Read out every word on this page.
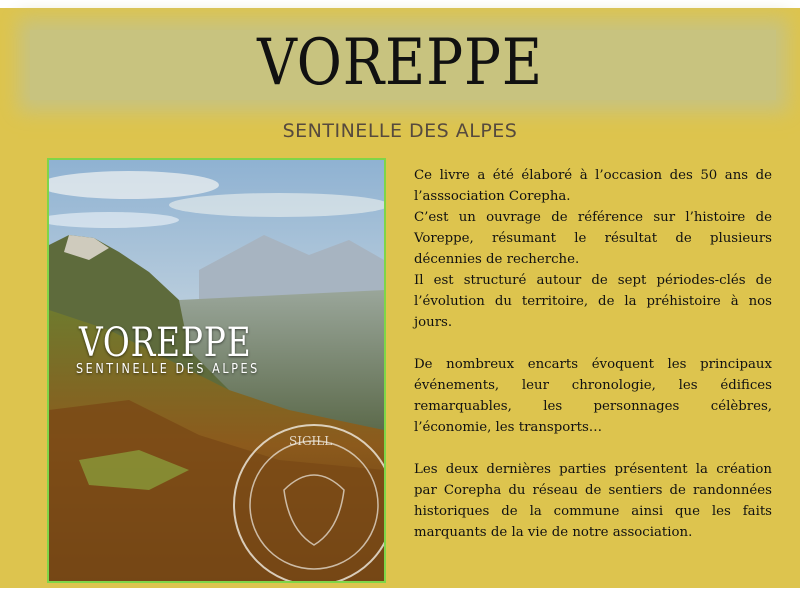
VOREPPE
SENTINELLE DES ALPES
SIGILL
VOREPPE
SENTINELLE DES ALPES

Ce livre a été élaboré à l’occasion des 50 ans de l’asssociation Corepha.

C’est un ouvrage de référence sur l’histoire de Voreppe, résumant le résultat de plusieurs décennies de recherche.

Il est structuré autour de sept périodes-clés de l’évolution du territoire, de la préhistoire à nos jours.

De nombreux encarts évoquent les principaux événements, leur chronologie, les édifices remarquables, les personnages célèbres, l’économie, les transports…

Les deux dernières parties présentent la création par Corepha du réseau de sentiers de randonnées historiques de la commune ainsi que les faits marquants de la vie de notre association.
